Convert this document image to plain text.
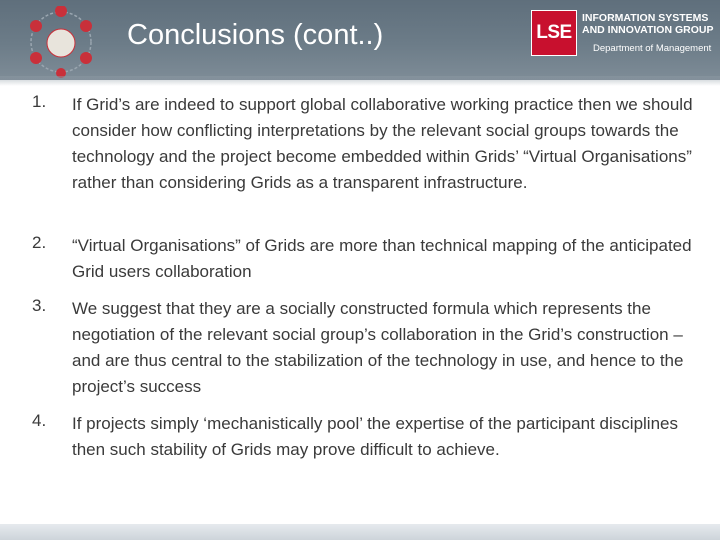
Conclusions (cont..)	LSE
INFORMATION SYSTEMS
AND INNOVATION GROUP
Department of Management
1. If Grid’s are indeed to support global collaborative working practice then we should consider how conflicting interpretations by the relevant social groups towards the technology and the project become embedded within Grids’ “Virtual Organisations” rather than considering Grids as a transparent infrastructure.
2. “Virtual Organisations” of Grids are more than technical mapping of the anticipated Grid users collaboration
3. We suggest that they are a socially constructed formula which represents the negotiation of the relevant social group’s collaboration in the Grid’s construction – and are thus central to the stabilization of the technology in use, and hence to the project’s success
4. If projects simply ‘mechanistically pool’ the expertise of the participant disciplines then such stability of Grids may prove difficult to achieve.
